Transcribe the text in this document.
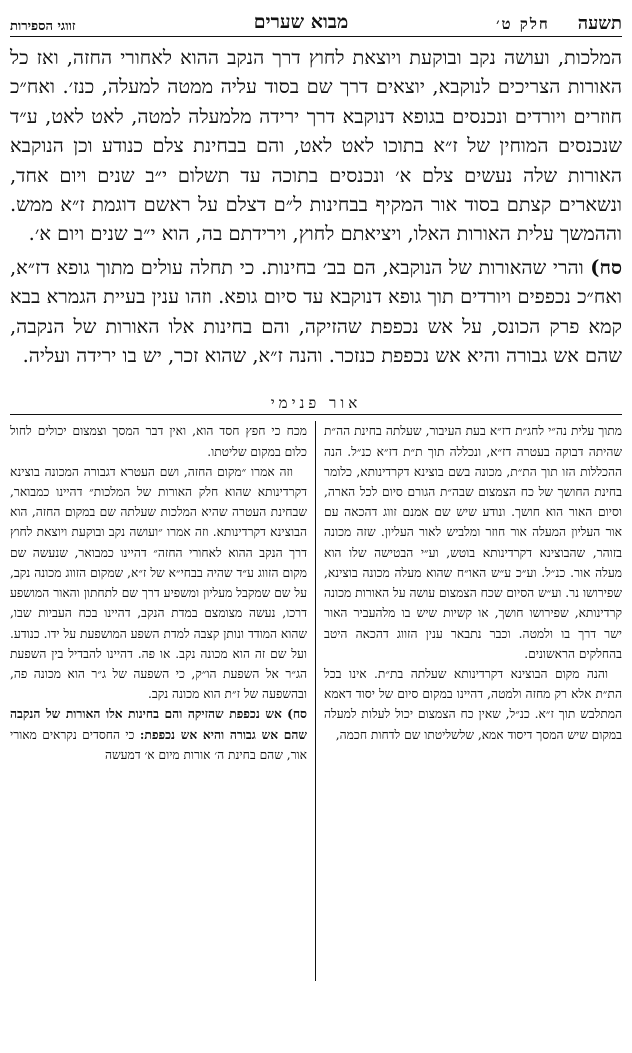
תשעה
חלק ט׳
מבוא שערים
זווגי הספירות

המלכות, ועושה נקב ובוקעת ויוצאת לחוץ דרך הנקב ההוא לאחורי החזה, ואז כל האורות הצריכים לנוקבא, יוצאים דרך שם בסוד עליה ממטה למעלה, כנז׳. ואח״כ חוזרים ויורדים ונכנסים בגופא דנוקבא דרך ירידה מלמעלה למטה, לאט לאט, ע״ד שנכנסים המוחין של ז״א בתוכו לאט לאט, והם בבחינת צלם כנודע וכן הנוקבא האורות שלה נעשים צלם א׳ ונכנסים בתוכה עד תשלום י״ב שנים ויום אחד, ונשארים קצתם בסוד אור המקיף בבחינות ל״ם דצלם על ראשם דוגמת ז״א ממש. וההמשך עלית האורות האלו, ויציאתם לחוץ, וירידתם בה, הוא י״ב שנים ויום א׳.

סח) והרי שהאורות של הנוקבא, הם בב׳ בחינות. כי תחלה עולים מתוך גופא דז״א, ואח״כ נכפפים ויורדים תוך גופא דנוקבא עד סיום גופא. וזהו ענין בעיית הגמרא בבא קמא פרק הכונס, על אש נכפפת שהזיקה, והם בחינות אלו האורות של הנקבה, שהם אש גבורה והיא אש נכפפת כנזכר. והנה ז״א, שהוא זכר, יש בו ירידה ועליה.

אור פנימי

מתוך עלית נה״י לחג״ת דז״א בעת העיבור, שעלתה בחינת הה״ת שהיתה דבוקה בעטרה דז״א, ונכללה תוך ת״ת דז״א כנ״ל. הנה ההכללות הזו תוך הת״ת, מכונה בשם בוצינא דקרדינותא, כלומר בחינת החושך של כח הצמצום שבה״ת הגורם סיום לכל הארה, וסיום האור הוא חושך. ונודע שיש שם אמנם זווג דהכאה עם אור העליון המעלה אור חוזר ומלביש לאור העליון. שזה מכונה בזוהר, שהבוצינא דקרדינותא בוטש, וע״י הבטישה שלו הוא מעלה אור. כנ״ל. וע״כ ע״ש האו״ח שהוא מעלה מכונה בוצינא, שפירושו נר. וע״ש הסיום שכח הצמצום עושה על האורות מכונה קרדינותא, שפירושו חושך, או קשיות שיש בו מלהעביר האור ישר דרך בו ולמטה. וכבר נתבאר ענין הזווג דהכאה היטב בהחלקים הראשונים.

והנה מקום הבוצינא דקרדינותא שעלתה בת״ת. אינו בכל הת״ת אלא רק מחזה ולמטה, דהיינו במקום סיום של יסוד דאמא המתלבש תוך ז״א. כנ״ל, שאין כח הצמצום יכול לעלות למעלה במקום שיש המסך דיסוד אמא, שלשליטתו שם לדחות חכמה,

מכח כי חפץ חסד הוא, ואין דבר המסך וצמצום יכולים לחול כלום במקום שליטתו.

וזה אמרו ״מקום החזה, ושם העטרא דגבורה המכונה בוצינא דקרדינותא שהוא חלק האורות של המלכות״ דהיינו כמבואר, שבחינת העטרה שהיא המלכות שעלתה שם במקום החזה, הוא הבוצינא דקרדינותא. וזה אמרו ״ועושה נקב ובוקעת ויוצאת לחוץ דרך הנקב ההוא לאחורי החזה״ דהיינו כמבואר, שנעשה שם מקום הזווג ע״ד שהיה בבחי״א של ז״א, שמקום הזווג מכונה נקב, על שם שמקבל מעליון ומשפיע דרך שם לתחתון והאור המושפע דרכו, נעשה מצומצם במדת הנקב, דהיינו בכח העביות שבו, שהוא המודד ונותן קצבה למדת השפע המושפעת על ידו. כנודע. ועל שם זה הוא מכונה נקב. או פה. דהיינו להבדיל בין השפעת הג״ר אל השפעת הו״ק, כי השפעה של ג״ר הוא מכונה פה, ובהשפעה של ז״ת הוא מכונה נקב.

סח) אש נכפפת שהזיקה והם בחינות אלו האורות של הנקבה שהם אש גבורה והיא אש נכפפת: כי החסדים נקראים מאורי אור, שהם בחינת ה׳ אורות מיום א׳ דמעשה
